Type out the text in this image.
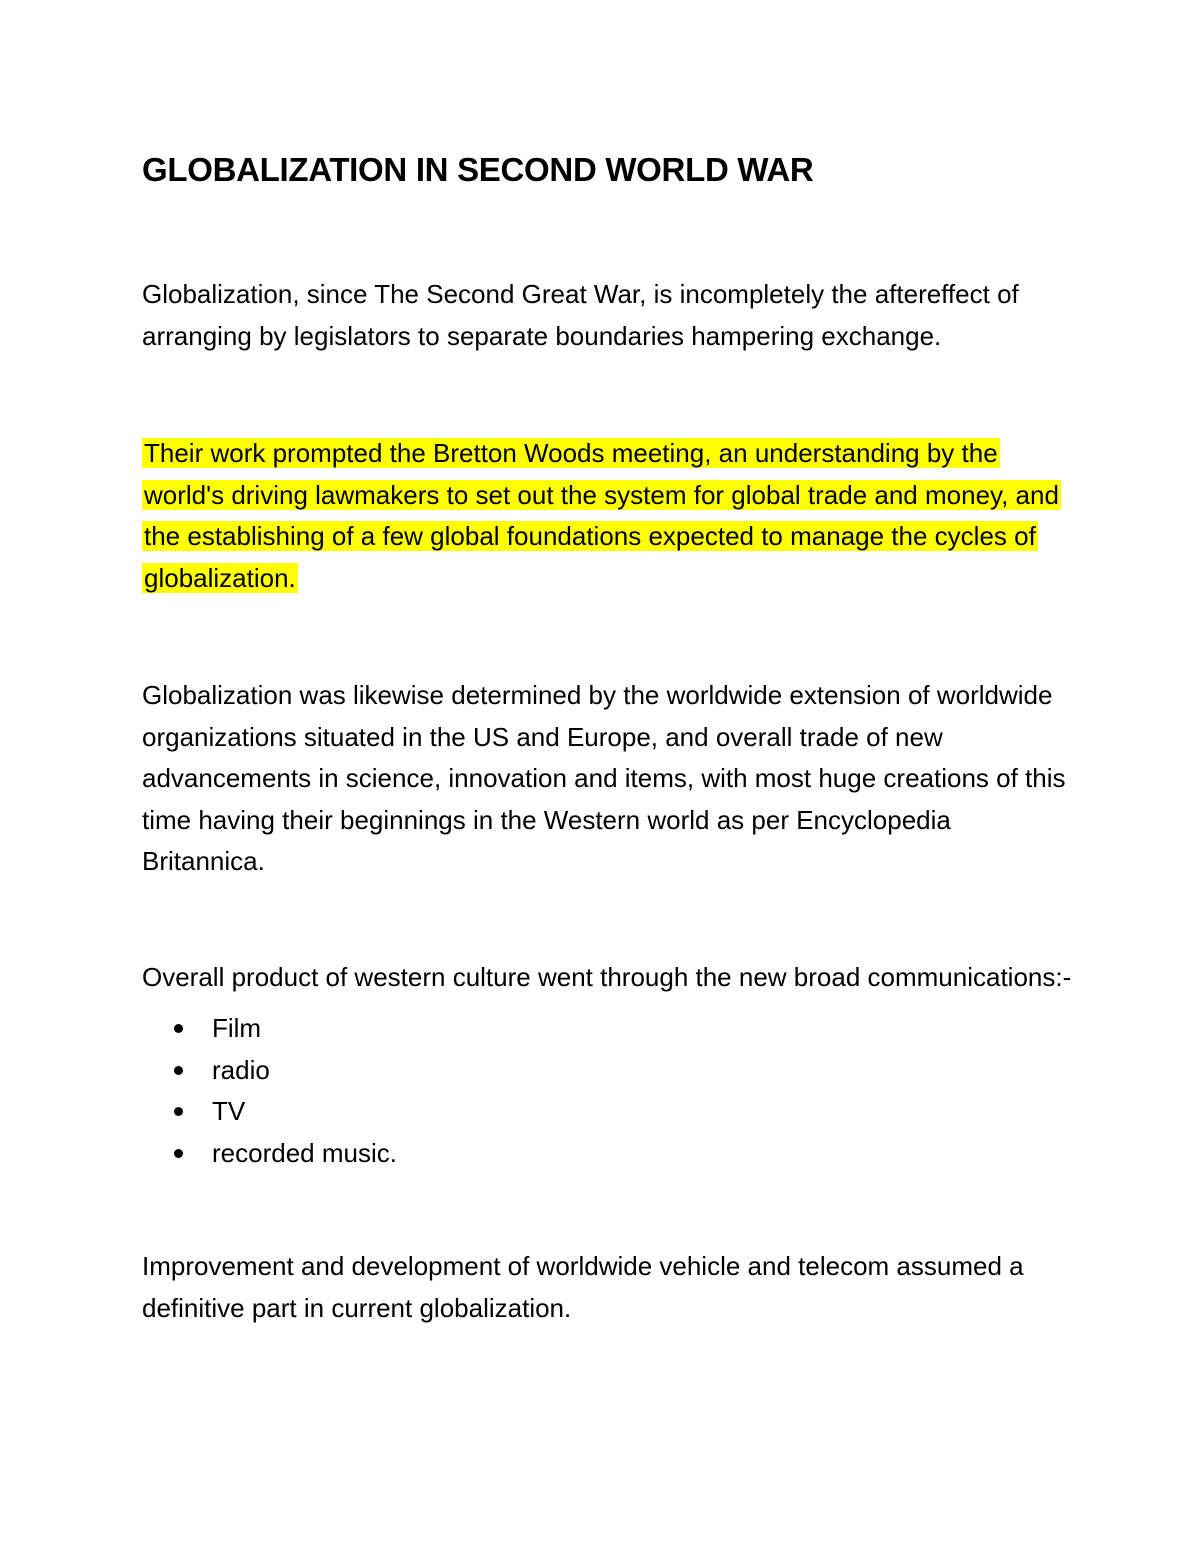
GLOBALIZATION IN SECOND WORLD WAR

Globalization, since The Second Great War, is incompletely the aftereffect of arranging by legislators to separate boundaries hampering exchange.

Their work prompted the Bretton Woods meeting, an understanding by the world's driving lawmakers to set out the system for global trade and money, and the establishing of a few global foundations expected to manage the cycles of globalization.

Globalization was likewise determined by the worldwide extension of worldwide organizations situated in the US and Europe, and overall trade of new advancements in science, innovation and items, with most huge creations of this time having their beginnings in the Western world as per Encyclopedia Britannica.

Overall product of western culture went through the new broad communications:-

Film
radio
TV
recorded music.

Improvement and development of worldwide vehicle and telecom assumed a definitive part in current globalization.
